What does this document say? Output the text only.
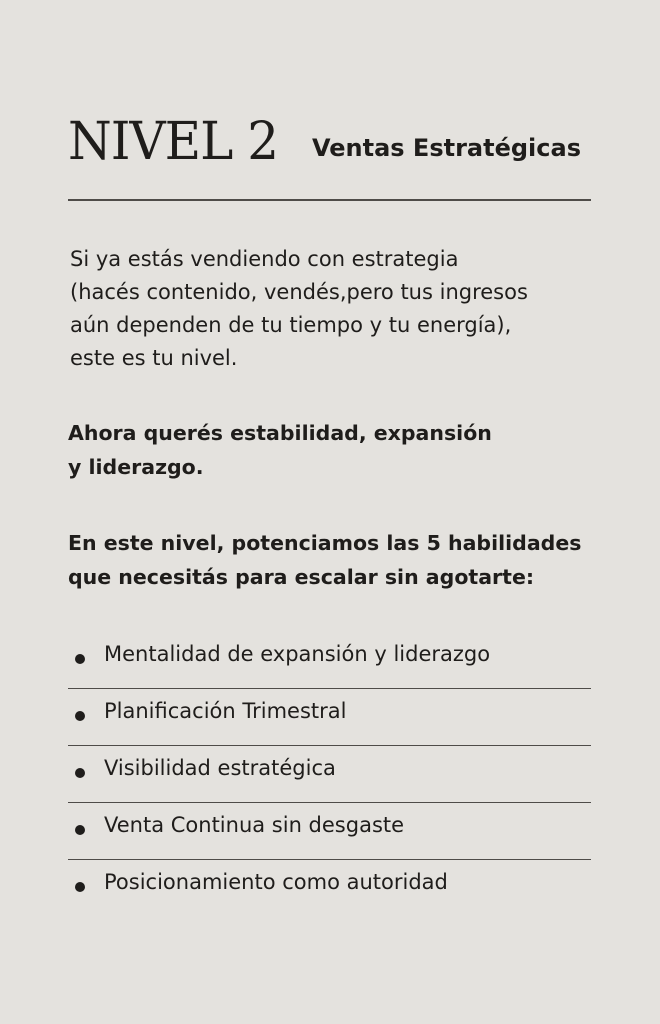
NIVEL 2 Ventas Estratégicas

Si ya estás vendiendo con estrategia
(hacés contenido, vendés,pero tus ingresos
aún dependen de tu tiempo y tu energía),
este es tu nivel.

Ahora querés estabilidad, expansión
y liderazgo.

En este nivel, potenciamos las 5 habilidades
que necesitás para escalar sin agotarte:

Mentalidad de expansión y liderazgo
Planificación Trimestral
Visibilidad estratégica
Venta Continua sin desgaste
Posicionamiento como autoridad
